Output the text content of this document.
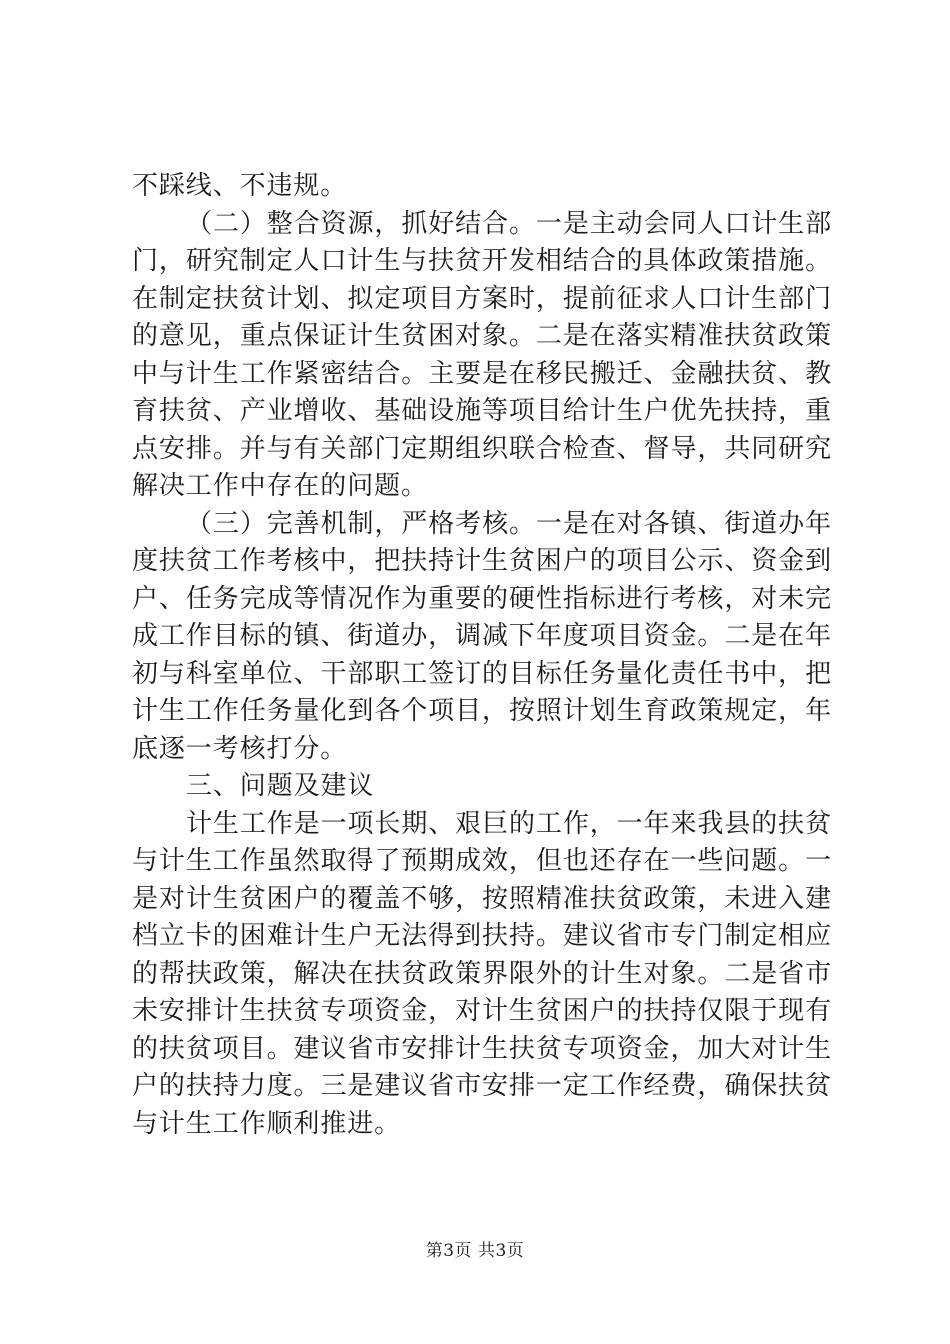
不踩线、不违规。

（二）整合资源，抓好结合。一是主动会同人口计生部门，研究制定人口计生与扶贫开发相结合的具体政策措施。在制定扶贫计划、拟定项目方案时，提前征求人口计生部门的意见，重点保证计生贫困对象。二是在落实精准扶贫政策中与计生工作紧密结合。主要是在移民搬迁、金融扶贫、教育扶贫、产业增收、基础设施等项目给计生户优先扶持，重点安排。并与有关部门定期组织联合检查、督导，共同研究解决工作中存在的问题。

（三）完善机制，严格考核。一是在对各镇、街道办年度扶贫工作考核中，把扶持计生贫困户的项目公示、资金到户、任务完成等情况作为重要的硬性指标进行考核，对未完成工作目标的镇、街道办，调减下年度项目资金。二是在年初与科室单位、干部职工签订的目标任务量化责任书中，把计生工作任务量化到各个项目，按照计划生育政策规定，年底逐一考核打分。

三、问题及建议

计生工作是一项长期、艰巨的工作，一年来我县的扶贫与计生工作虽然取得了预期成效，但也还存在一些问题。一是对计生贫困户的覆盖不够，按照精准扶贫政策，未进入建档立卡的困难计生户无法得到扶持。建议省市专门制定相应的帮扶政策，解决在扶贫政策界限外的计生对象。二是省市未安排计生扶贫专项资金，对计生贫困户的扶持仅限于现有的扶贫项目。建议省市安排计生扶贫专项资金，加大对计生户的扶持力度。三是建议省市安排一定工作经费，确保扶贫与计生工作顺利推进。

第3页 共3页
